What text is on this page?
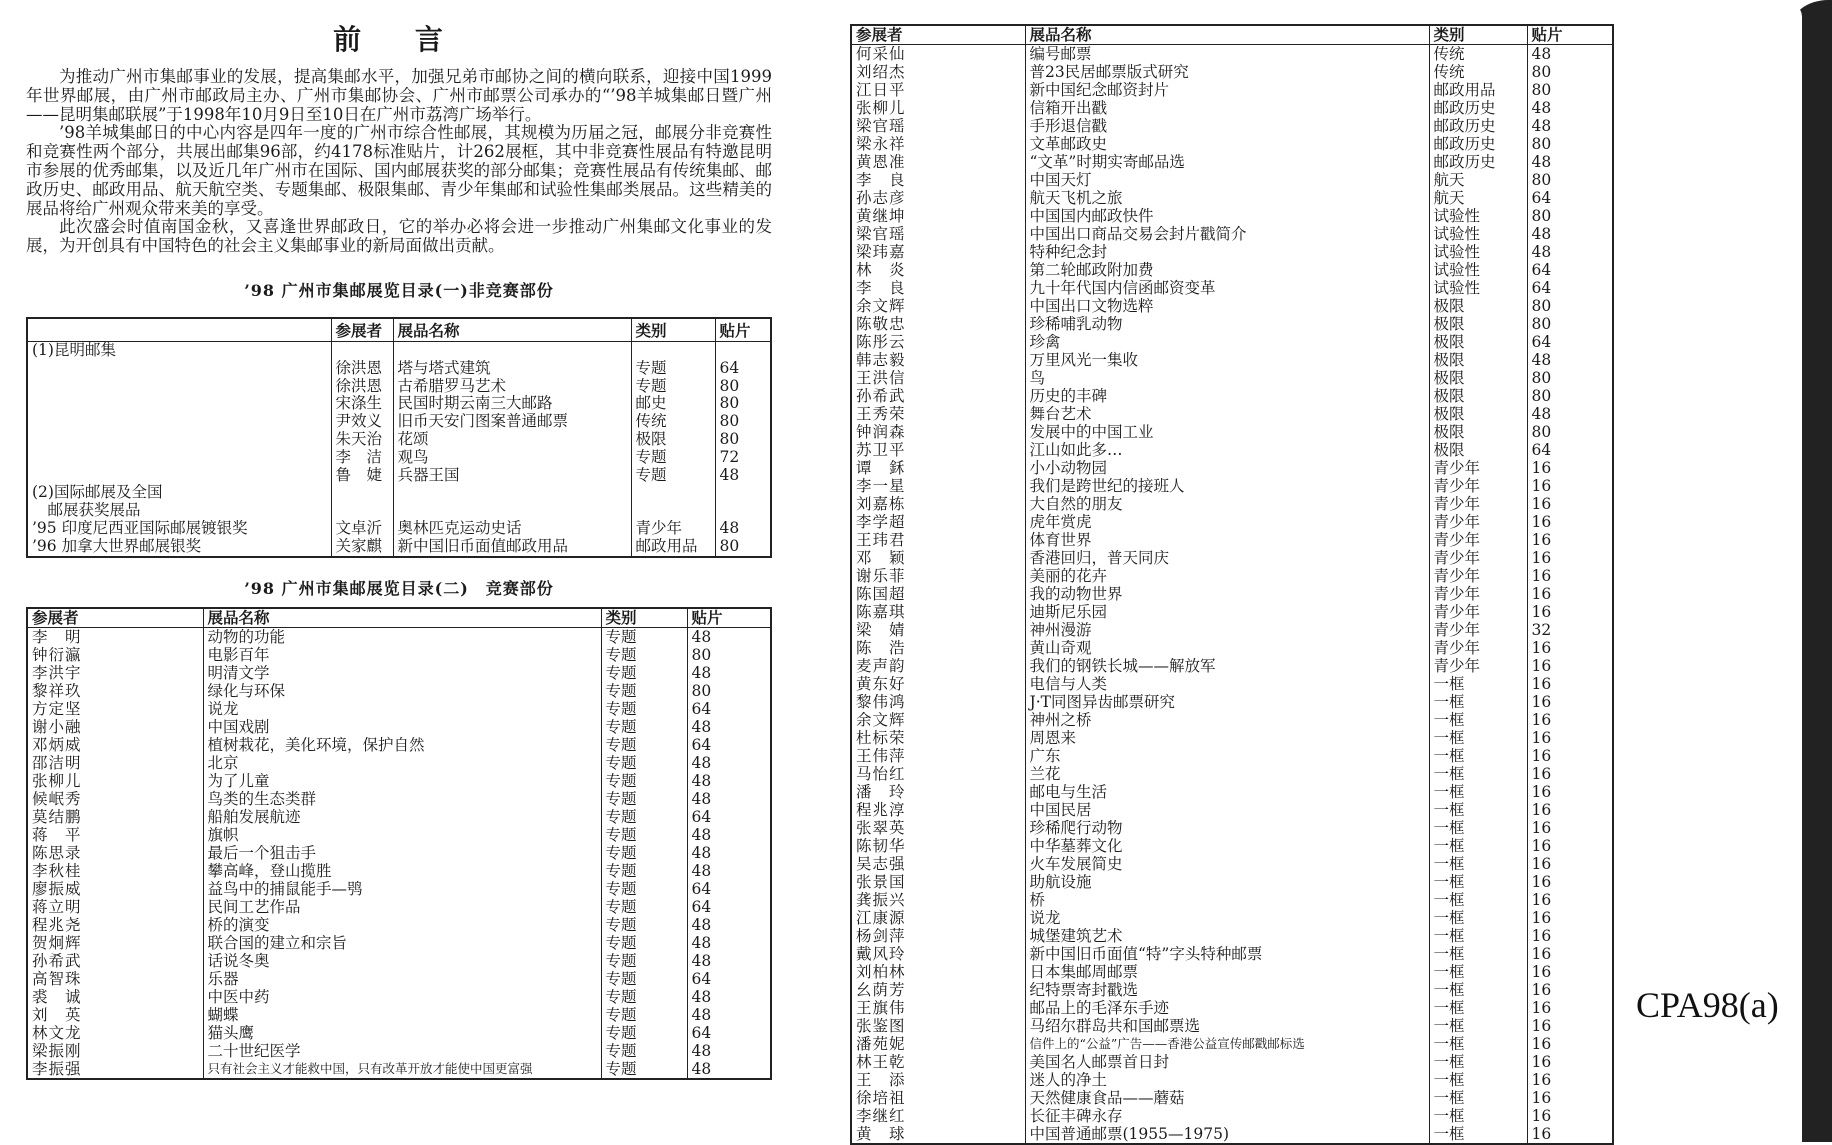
前 言

为推动广州市集邮事业的发展，提高集邮水平，加强兄弟市邮协之间的横向联系，迎接中国1999年世界邮展，由广州市邮政局主办、广州市集邮协会、广州市邮票公司承办的“’98羊城集邮日暨广州——昆明集邮联展”于1998年10月9日至10日在广州市荔湾广场举行。

’98羊城集邮日的中心内容是四年一度的广州市综合性邮展，其规模为历届之冠，邮展分非竞赛性和竞赛性两个部分，共展出邮集96部，约4178标准贴片，计262展框，其中非竞赛性展品有特邀昆明市参展的优秀邮集，以及近几年广州市在国际、国内邮展获奖的部分邮集；竞赛性展品有传统集邮、邮政历史、邮政用品、航天航空类、专题集邮、极限集邮、青少年集邮和试验性集邮类展品。这些精美的展品将给广州观众带来美的享受。

此次盛会时值南国金秋，又喜逢世界邮政日，它的举办必将会进一步推动广州集邮文化事业的发展，为开创具有中国特色的社会主义集邮事业的新局面做出贡献。

’98 广州市集邮展览目录(一)非竞赛部份
	参展者	展品名称	类别	贴片
(1)昆明邮集				
	徐洪恩	塔与塔式建筑	专题	64
	徐洪恩	古希腊罗马艺术	专题	80
	宋涤生	民国时期云南三大邮路	邮史	80
	尹效义	旧币天安门图案普通邮票	传统	80
	朱天治	花颂	极限	80
	李　洁	观鸟	专题	72
	鲁　婕	兵器王国	专题	48
(2)国际邮展及全国				
　邮展获奖展品				
’95 印度尼西亚国际邮展镀银奖	文卓沂	奥林匹克运动史话	青少年	48
’96 加拿大世界邮展银奖	关家麒	新中国旧币面值邮政用品	邮政用品	80
’98 广州市集邮展览目录(二)　竞赛部份
参展者	展品名称	类别	贴片
李　明	动物的功能	专题	48
钟衍瀛	电影百年	专题	80
李洪宇	明清文学	专题	48
黎祥玖	绿化与环保	专题	80
方定坚	说龙	专题	64
谢小融	中国戏剧	专题	48
邓炳威	植树栽花，美化环境，保护自然	专题	64
邵洁明	北京	专题	48
张柳儿	为了儿童	专题	48
候岷秀	鸟类的生态类群	专题	48
莫结鹏	船舶发展航迹	专题	64
蒋　平	旗帜	专题	48
陈思录	最后一个狙击手	专题	48
李秋桂	攀高峰，登山揽胜	专题	48
廖振威	益鸟中的捕鼠能手—鸮	专题	64
蒋立明	民间工艺作品	专题	64
程兆尧	桥的演变	专题	48
贺炯辉	联合国的建立和宗旨	专题	48
孙希武	话说冬奥	专题	48
高智珠	乐器	专题	64
裘　诚	中医中药	专题	48
刘　英	蝴蝶	专题	48
林文龙	猫头鹰	专题	64
梁振刚	二十世纪医学	专题	48
李振强	只有社会主义才能救中国，只有改革开放才能使中国更富强	专题	48
参展者	展品名称	类别	贴片
何采仙	编号邮票	传统	48
刘绍杰	普23民居邮票版式研究	传统	80
江日平	新中国纪念邮资封片	邮政用品	80
张柳儿	信箱开出戳	邮政历史	48
梁官瑶	手形退信戳	邮政历史	48
梁永祥	文革邮政史	邮政历史	80
黄恩准	“文革”时期实寄邮品选	邮政历史	48
李　良	中国天灯	航天	80
孙志彦	航天飞机之旅	航天	64
黄继坤	中国国内邮政快件	试验性	80
梁官瑶	中国出口商品交易会封片戳简介	试验性	48
梁玮嘉	特种纪念封	试验性	48
林　炎	第二轮邮政附加费	试验性	64
李　良	九十年代国内信函邮资变革	试验性	64
余文辉	中国出口文物选粹	极限	80
陈敬忠	珍稀哺乳动物	极限	80
陈彤云	珍禽	极限	64
韩志毅	万里风光一集收	极限	48
王洪信	鸟	极限	80
孙希武	历史的丰碑	极限	80
王秀荣	舞台艺术	极限	48
钟润森	发展中的中国工业	极限	80
苏卫平	江山如此多…	极限	64
谭　鉌	小小动物园	青少年	16
李一星	我们是跨世纪的接班人	青少年	16
刘嘉栋	大自然的朋友	青少年	16
李学超	虎年赏虎	青少年	16
王玮君	体育世界	青少年	16
邓　颖	香港回归，普天同庆	青少年	16
谢乐菲	美丽的花卉	青少年	16
陈国超	我的动物世界	青少年	16
陈嘉琪	迪斯尼乐园	青少年	16
梁　婧	神州漫游	青少年	32
陈　浩	黄山奇观	青少年	16
麦声韵	我们的钢铁长城——解放军	青少年	16
黄东好	电信与人类	一框	16
黎伟鸿	J·T同图异齿邮票研究	一框	16
余文辉	神州之桥	一框	16
杜标荣	周恩来	一框	16
王伟萍	广东	一框	16
马怡红	兰花	一框	16
潘　玲	邮电与生活	一框	16
程兆淳	中国民居	一框	16
张翠英	珍稀爬行动物	一框	16
陈韧华	中华墓葬文化	一框	16
吴志强	火车发展简史	一框	16
张景国	助航设施	一框	16
龚振兴	桥	一框	16
江康源	说龙	一框	16
杨剑萍	城堡建筑艺术	一框	16
戴风玲	新中国旧币面值“特”字头特种邮票	一框	16
刘柏林	日本集邮周邮票	一框	16
幺荫芳	纪特票寄封戳选	一框	16
王旗伟	邮品上的毛泽东手迹	一框	16
张鉴图	马绍尔群岛共和国邮票选	一框	16
潘苑妮	信件上的“公益”广告——香港公益宣传邮戳邮标选	一框	16
林王乾	美国名人邮票首日封	一框	16
王　添	迷人的净土	一框	16
徐培祖	天然健康食品——蘑菇	一框	16
李继红	长征丰碑永存	一框	16
黄　球	中国普通邮票(1955—1975)	一框	16
CPA98(a)
